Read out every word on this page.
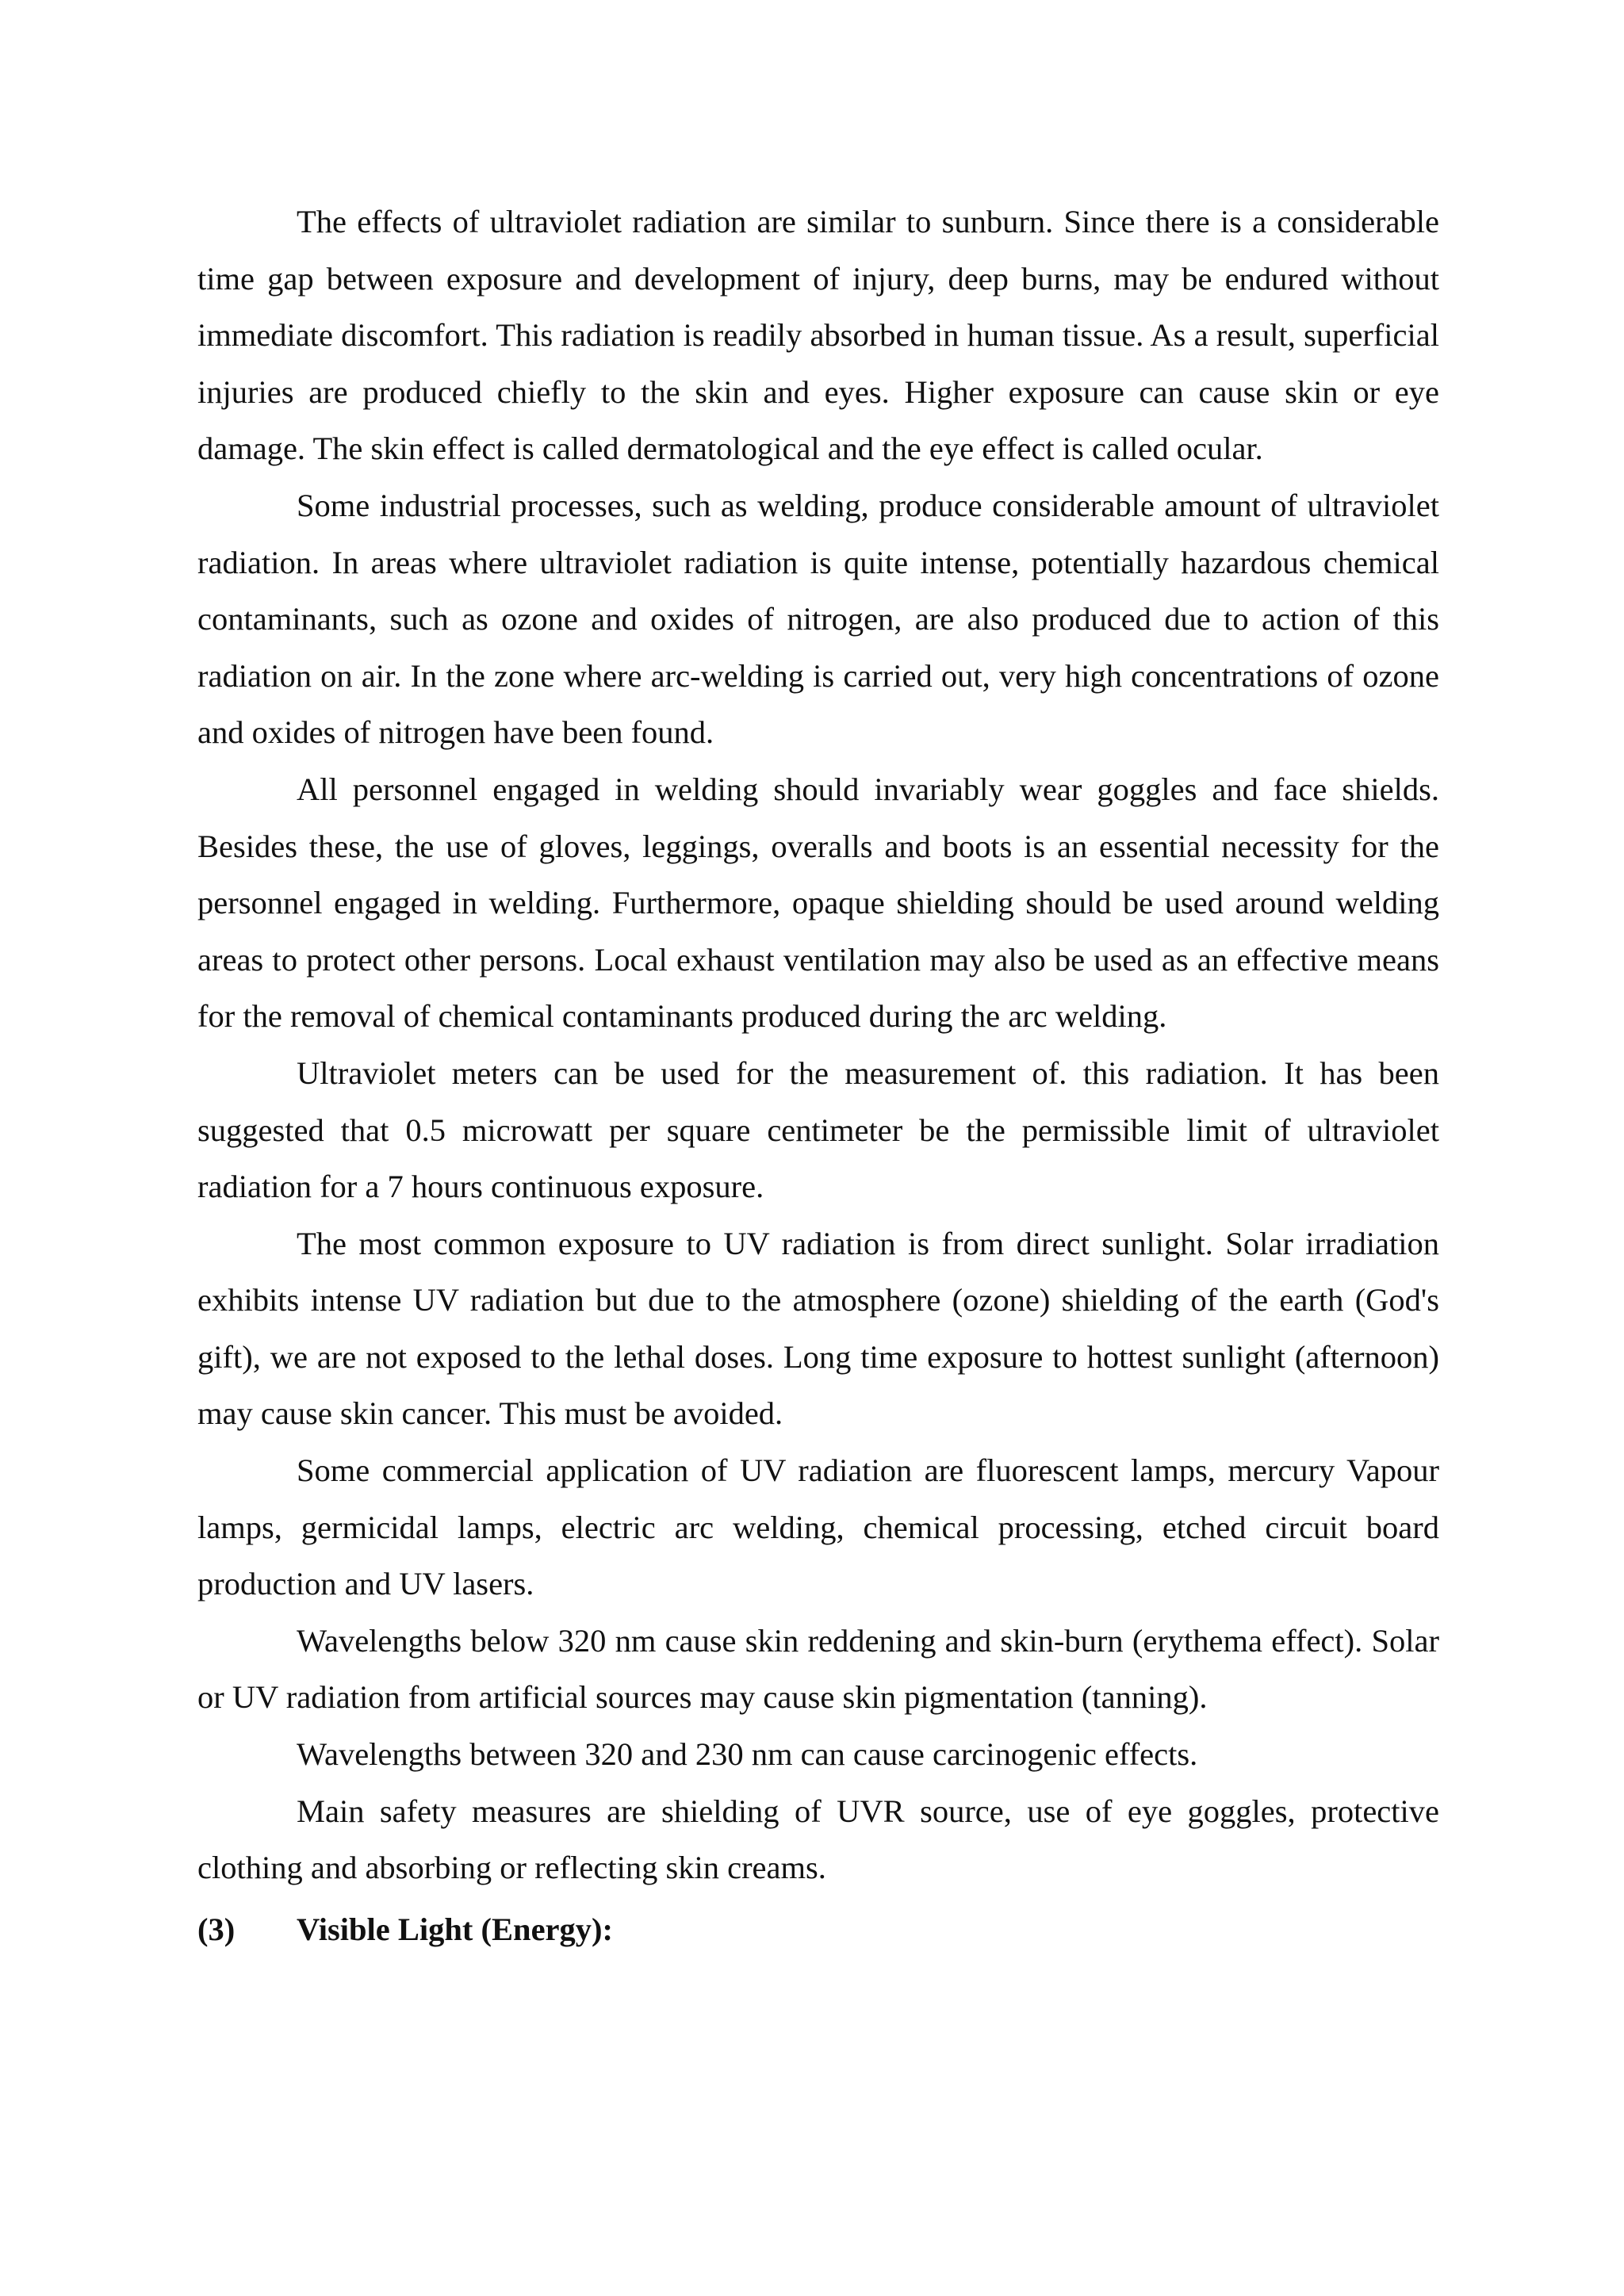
The effects of ultraviolet radiation are similar to sunburn. Since there is a considerable time gap between exposure and development of injury, deep burns, may be endured without immediate discomfort. This radiation is readily absorbed in human tissue. As a result, superficial injuries are produced chiefly to the skin and eyes. Higher exposure can cause skin or eye damage. The skin effect is called dermatological and the eye effect is called ocular.

Some industrial processes, such as welding, produce considerable amount of ultraviolet radiation. In areas where ultraviolet radiation is quite intense, potentially hazardous chemical contaminants, such as ozone and oxides of nitrogen, are also produced due to action of this radiation on air. In the zone where arc-welding is carried out, very high concentrations of ozone and oxides of nitrogen have been found.

All personnel engaged in welding should invariably wear goggles and face shields. Besides these, the use of gloves, leggings, overalls and boots is an essential necessity for the personnel engaged in welding. Furthermore, opaque shielding should be used around welding areas to protect other persons. Local exhaust ventilation may also be used as an effective means for the removal of chemical contaminants produced during the arc welding.

Ultraviolet meters can be used for the measurement of. this radiation. It has been suggested that 0.5 microwatt per square centimeter be the permissible limit of ultraviolet radiation for a 7 hours continuous exposure.

The most common exposure to UV radiation is from direct sunlight. Solar irradiation exhibits intense UV radiation but due to the atmosphere (ozone) shielding of the earth (God's gift), we are not exposed to the lethal doses. Long time exposure to hottest sunlight (afternoon) may cause skin cancer. This must be avoided.

Some commercial application of UV radiation are fluorescent lamps, mercury Vapour lamps, germicidal lamps, electric arc welding, chemical processing, etched circuit board production and UV lasers.

Wavelengths below 320 nm cause skin reddening and skin-burn (erythema effect). Solar or UV radiation from artificial sources may cause skin pigmentation (tanning).

Wavelengths between 320 and 230 nm can cause carcinogenic effects.

Main safety measures are shielding of UVR source, use of eye goggles, protective clothing and absorbing or reflecting skin creams.

(3) Visible Light (Energy):
